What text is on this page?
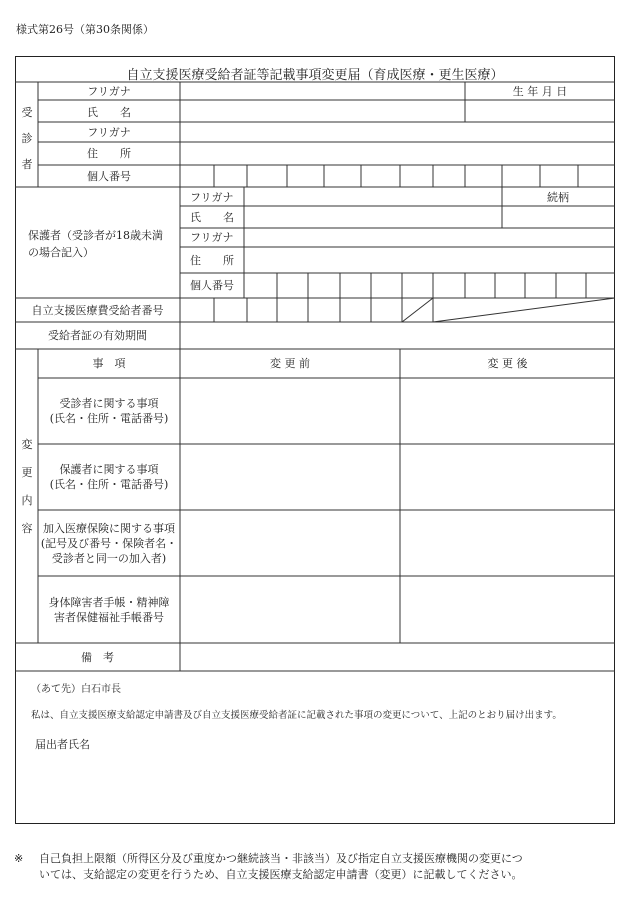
様式第26号（第30条関係）
自立支援医療受給者証等記載事項変更届（育成医療・更生医療）
受
診
者
フリガナ
氏　　名
フリガナ
住　　所
個人番号
生 年 月 日
保護者（受診者が18歳未満の場合記入）
フリガナ
氏　　名
フリガナ
住　　所
個人番号
続柄
自立支援医療費受給者番号
受給者証の有効期間
変
更
内
容
事　項	変 更 前	変 更 後
受診者に関する事項
(氏名・住所・電話番号)
保護者に関する事項
(氏名・住所・電話番号)
加入医療保険に関する事項
(記号及び番号・保険者名・
受診者と同一の加入者)
身体障害者手帳・精神障
害者保健福祉手帳番号
備　考
（あて先）白石市長
私は、自立支援医療支給認定申請書及び自立支援医療受給者証に記載された事項の変更について、上記のとおり届け出ます。
届出者氏名
※ 自己負担上限額（所得区分及び重度かつ継続該当・非該当）及び指定自立支援医療機関の変更につ
いては、支給認定の変更を行うため、自立支援医療支給認定申請書（変更）に記載してください。
